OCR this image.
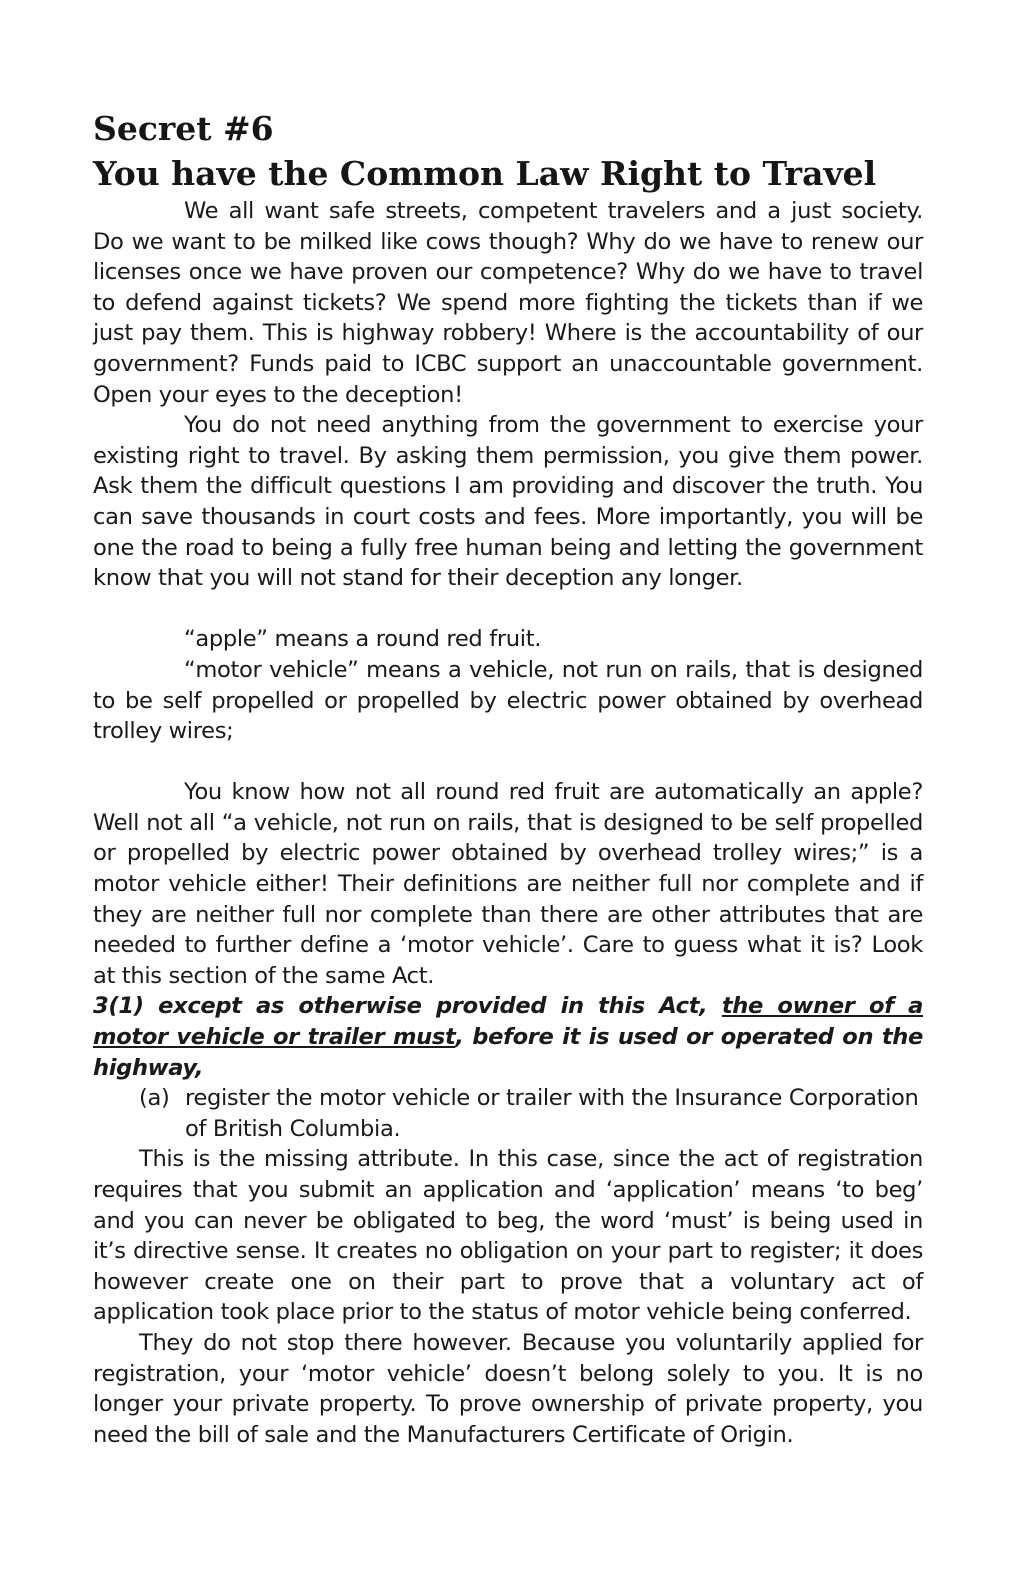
Secret #6
You have the Common Law Right to Travel

We all want safe streets, competent travelers and a just society. Do we want to be milked like cows though? Why do we have to renew our licenses once we have proven our competence? Why do we have to travel to defend against tickets? We spend more fighting the tickets than if we just pay them. This is highway robbery! Where is the accountability of our government? Funds paid to ICBC support an unaccountable government. Open your eyes to the deception!

You do not need anything from the government to exercise your existing right to travel. By asking them permission, you give them power. Ask them the difficult questions I am providing and discover the truth. You can save thousands in court costs and fees. More importantly, you will be one the road to being a fully free human being and letting the government know that you will not stand for their deception any longer.

“apple” means a round red fruit.

“motor vehicle” means a vehicle, not run on rails, that is designed to be self propelled or propelled by electric power obtained by overhead trolley wires;

You know how not all round red fruit are automatically an apple? Well not all “a vehicle, not run on rails, that is designed to be self propelled or propelled by electric power obtained by overhead trolley wires;” is a motor vehicle either! Their definitions are neither full nor complete and if they are neither full nor complete than there are other attributes that are needed to further define a ‘motor vehicle’. Care to guess what it is? Look at this section of the same Act.

3(1) except as otherwise provided in this Act, the owner of a motor vehicle or trailer must, before it is used or operated on the highway,

(a) register the motor vehicle or trailer with the Insurance Corporation of British Columbia.

This is the missing attribute. In this case, since the act of registration requires that you submit an application and ‘application’ means ‘to beg’ and you can never be obligated to beg, the word ‘must’ is being used in it’s directive sense. It creates no obligation on your part to register; it does however create one on their part to prove that a voluntary act of application took place prior to the status of motor vehicle being conferred.

They do not stop there however. Because you voluntarily applied for registration, your ‘motor vehicle’ doesn’t belong solely to you. It is no longer your private property. To prove ownership of private property, you need the bill of sale and the Manufacturers Certificate of Origin.
